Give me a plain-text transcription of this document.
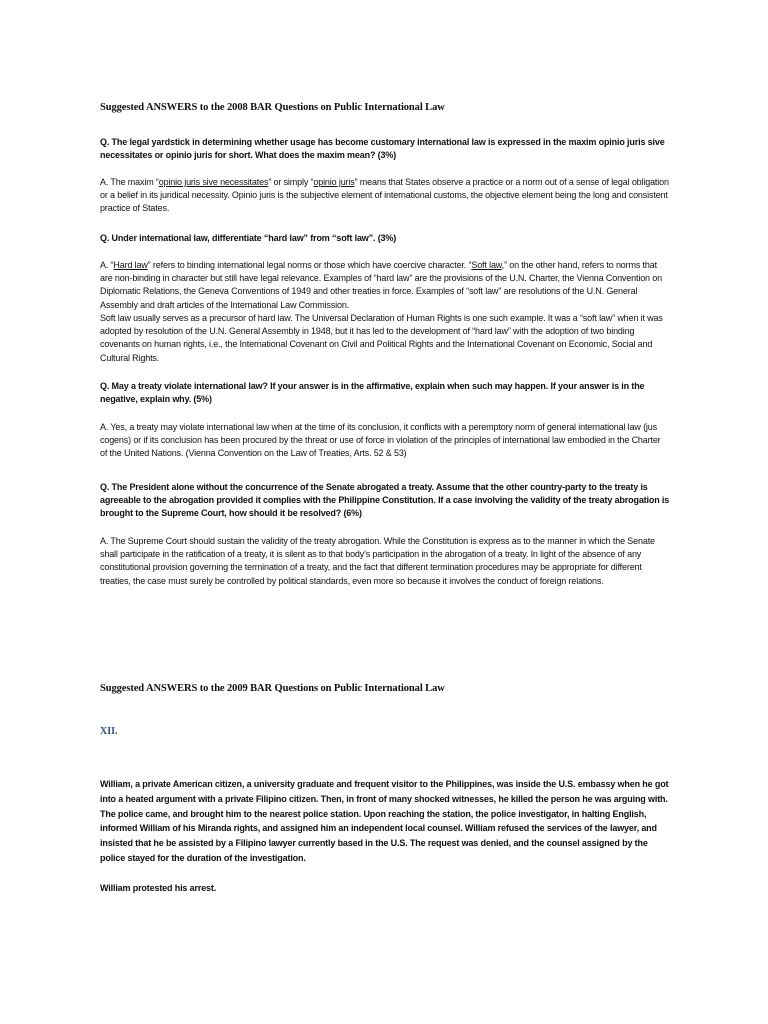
Suggested ANSWERS to the 2008 BAR Questions on Public International Law

Q. The legal yardstick in determining whether usage has become customary international law is expressed in the maxim opinio juris sive necessitates or opinio juris for short. What does the maxim mean? (3%)

A. The maxim “opinio juris sive necessitates” or simply “opinio juris” means that States observe a practice or a norm out of a sense of legal obligation or a belief in its juridical necessity. Opinio juris is the subjective element of international customs, the objective element being the long and consistent practice of States.

Q. Under international law, differentiate “hard law” from “soft law”. (3%)

A. “Hard law” refers to binding international legal norms or those which have coercive character. “Soft law,” on the other hand, refers to norms that are non-binding in character but still have legal relevance. Examples of “hard law” are the provisions of the U.N. Charter, the Vienna Convention on Diplomatic Relations, the Geneva Conventions of 1949 and other treaties in force. Examples of “soft law” are resolutions of the U.N. General Assembly and draft articles of the International Law Commission.

Soft law usually serves as a precursor of hard law. The Universal Declaration of Human Rights is one such example. It was a “soft law” when it was adopted by resolution of the U.N. General Assembly in 1948, but it has led to the development of “hard law” with the adoption of two binding covenants on human rights, i.e., the International Covenant on Civil and Political Rights and the International Covenant on Economic, Social and Cultural Rights.

Q. May a treaty violate international law? If your answer is in the affirmative, explain when such may happen. If your answer is in the negative, explain why. (5%)

A. Yes, a treaty may violate international law when at the time of its conclusion, it conflicts with a peremptory norm of general international law (jus cogens) or if its conclusion has been procured by the threat or use of force in violation of the principles of international law embodied in the Charter of the United Nations. (Vienna Convention on the Law of Treaties, Arts. 52 & 53)

Q. The President alone without the concurrence of the Senate abrogated a treaty. Assume that the other country-party to the treaty is agreeable to the abrogation provided it complies with the Philippine Constitution. If a case involving the validity of the treaty abrogation is brought to the Supreme Court, how should it be resolved? (6%)

A. The Supreme Court should sustain the validity of the treaty abrogation. While the Constitution is express as to the manner in which the Senate shall participate in the ratification of a treaty, it is silent as to that body's participation in the abrogation of a treaty. In light of the absence of any constitutional provision governing the termination of a treaty, and the fact that different termination procedures may be appropriate for different treaties, the case must surely be controlled by political standards, even more so because it involves the conduct of foreign relations.

Suggested ANSWERS to the 2009 BAR Questions on Public International Law

XII.

William, a private American citizen, a university graduate and frequent visitor to the Philippines, was inside the U.S. embassy when he got into a heated argument with a private Filipino citizen. Then, in front of many shocked witnesses, he killed the person he was arguing with. The police came, and brought him to the nearest police station. Upon reaching the station, the police investigator, in halting English, informed William of his Miranda rights, and assigned him an independent local counsel. William refused the services of the lawyer, and insisted that he be assisted by a Filipino lawyer currently based in the U.S. The request was denied, and the counsel assigned by the police stayed for the duration of the investigation.

William protested his arrest.
